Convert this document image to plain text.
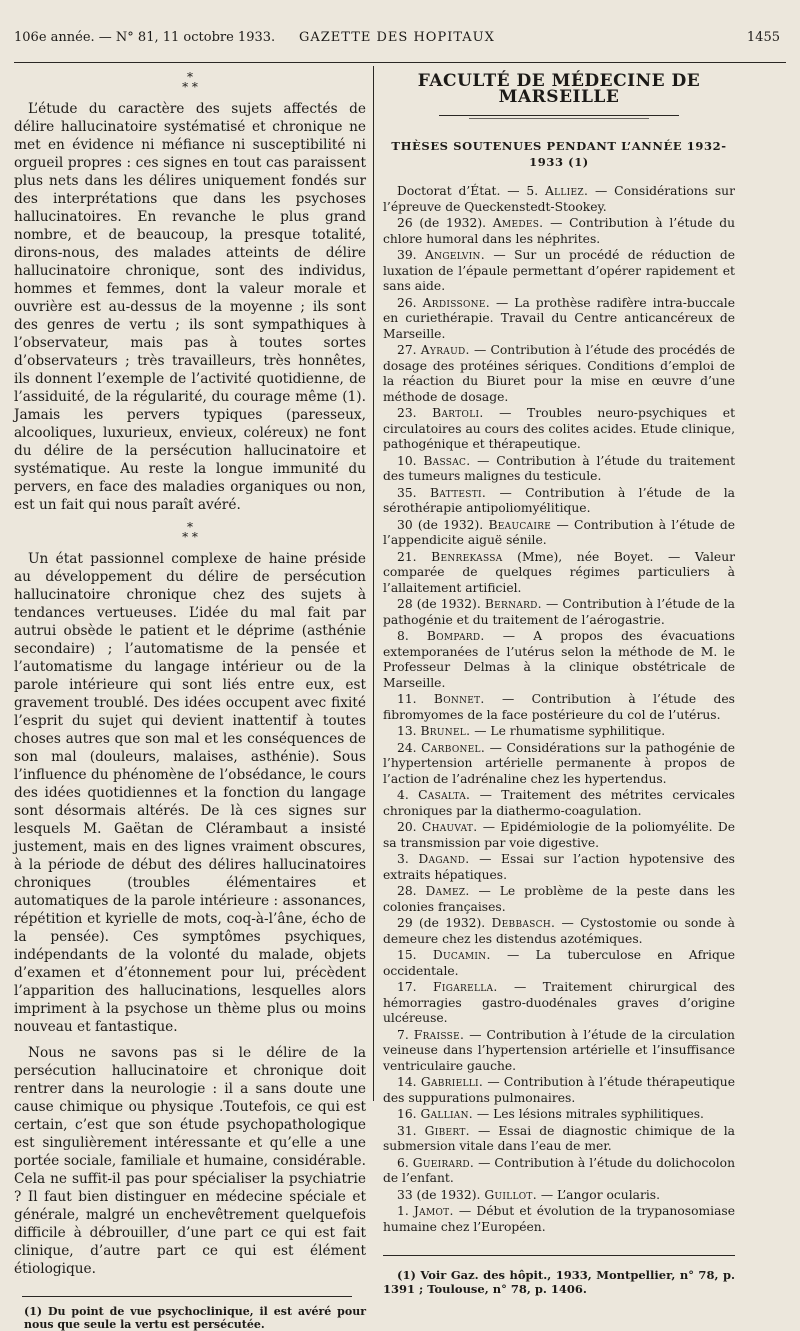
106e année. — N° 81, 11 octobre 1933. GAZETTE DES HOPITAUX	1455
*
* *

L’étude du caractère des sujets affectés de délire hallucinatoire systématisé et chronique ne met en évidence ni méfiance ni susceptibilité ni orgueil propres : ces signes en tout cas paraissent plus nets dans les délires uniquement fondés sur des interprétations que dans les psychoses hallucinatoires. En revanche le plus grand nombre, et de beaucoup, la presque totalité, dirons-nous, des malades atteints de délire hallucinatoire chronique, sont des individus, hommes et femmes, dont la valeur morale et ouvrière est au-dessus de la moyenne ; ils sont des genres de vertu ; ils sont sympathiques à l’observateur, mais pas à toutes sortes d’observateurs ; très travailleurs, très honnêtes, ils donnent l’exemple de l’activité quotidienne, de l’assiduité, de la régularité, du courage même (1). Jamais les pervers typiques (paresseux, alcooliques, luxurieux, envieux, coléreux) ne font du délire de la persécution hallucinatoire et systématique. Au reste la longue immunité du pervers, en face des maladies organiques ou non, est un fait qui nous paraît avéré.

*
* *

Un état passionnel complexe de haine préside au développement du délire de persécution hallucinatoire chronique chez des sujets à tendances vertueuses. L’idée du mal fait par autrui obsède le patient et le déprime (asthénie secondaire) ; l’automatisme de la pensée et l’automatisme du langage intérieur ou de la parole intérieure qui sont liés entre eux, est gravement troublé. Des idées occupent avec fixité l’esprit du sujet qui devient inattentif à toutes choses autres que son mal et les conséquences de son mal (douleurs, malaises, asthénie). Sous l’influence du phénomène de l’obsédance, le cours des idées quotidiennes et la fonction du langage sont désormais altérés. De là ces signes sur lesquels M. Gaëtan de Clérambaut a insisté justement, mais en des lignes vraiment obscures, à la période de début des délires hallucinatoires chroniques (troubles élémentaires et automatiques de la parole intérieure : assonances, répétition et kyrielle de mots, coq-à-l’âne, écho de la pensée). Ces symptômes psychiques, indépendants de la volonté du malade, objets d’examen et d’étonnement pour lui, précèdent l’apparition des hallucinations, lesquelles alors impriment à la psychose un thème plus ou moins nouveau et fantastique.

Nous ne savons pas si le délire de la persécution hallucinatoire et chronique doit rentrer dans la neurologie : il a sans doute une cause chimique ou physique .Toutefois, ce qui est certain, c’est que son étude psychopathologique est singulièrement intéressante et qu’elle a une portée sociale, familiale et humaine, considérable. Cela ne suffit-il pas pour spécialiser la psychiatrie ? Il faut bien distinguer en médecine spéciale et générale, malgré un enchevêtrement quelquefois difficile à débrouiller, d’une part ce qui est fait clinique, d’autre part ce qui est élément étiologique.

(1) Du point de vue psychoclinique, il est avéré pour nous que seule la vertu est persécutée.

FACULTÉ DE MÉDECINE DE MARSEILLE
THÈSES SOUTENUES PENDANT L’ANNÉE 1932-1933 (1)

Doctorat d’État. — 5. Alliez. — Considérations sur l’épreuve de Queckenstedt-Stookey.

26 (de 1932). Amedes. — Contribution à l’étude du chlore humoral dans les néphrites.

39. Angelvin. — Sur un procédé de réduction de luxation de l’épaule permettant d’opérer rapidement et sans aide.

26. Ardissone. — La prothèse radifère intra-buccale en curiethérapie. Travail du Centre anticancéreux de Marseille.

27. Ayraud. — Contribution à l’étude des procédés de dosage des protéines sériques. Conditions d’emploi de la réaction du Biuret pour la mise en œuvre d’une méthode de dosage.

23. Bartoli. — Troubles neuro-psychiques et circulatoires au cours des colites acides. Etude clinique, pathogénique et thérapeutique.

10. Bassac. — Contribution à l’étude du traitement des tumeurs malignes du testicule.

35. Battesti. — Contribution à l’étude de la sérothérapie antipoliomyélitique.

30 (de 1932). Beaucaire — Contribution à l’étude de l’appendicite aiguë sénile.

21. Benrekassa (Mme), née Boyet. — Valeur comparée de quelques régimes particuliers à l’allaitement artificiel.

28 (de 1932). Bernard. — Contribution à l’étude de la pathogénie et du traitement de l’aérogastrie.

8. Bompard. — A propos des évacuations extemporanées de l’utérus selon la méthode de M. le Professeur Delmas à la clinique obstétricale de Marseille.

11. Bonnet. — Contribution à l’étude des fibromyomes de la face postérieure du col de l’utérus.

13. Brunel. — Le rhumatisme syphilitique.

24. Carbonel. — Considérations sur la pathogénie de l’hypertension artérielle permanente à propos de l’action de l’adrénaline chez les hypertendus.

4. Casalta. — Traitement des métrites cervicales chroniques par la diathermo-coagulation.

20. Chauvat. — Epidémiologie de la poliomyélite. De sa transmission par voie digestive.

3. Dagand. — Essai sur l’action hypotensive des extraits hépatiques.

28. Damez. — Le problème de la peste dans les colonies françaises.

29 (de 1932). Debbasch. — Cystostomie ou sonde à demeure chez les distendus azotémiques.

15. Ducamin. — La tuberculose en Afrique occidentale.

17. Figarella. — Traitement chirurgical des hémorragies gastro-duodénales graves d’origine ulcéreuse.

7. Fraisse. — Contribution à l’étude de la circulation veineuse dans l’hypertension artérielle et l’insuffisance ventriculaire gauche.

14. Gabrielli. — Contribution à l’étude thérapeutique des suppurations pulmonaires.

16. Gallian. — Les lésions mitrales syphilitiques.

31. Gibert. — Essai de diagnostic chimique de la submersion vitale dans l’eau de mer.

6. Gueirard. — Contribution à l’étude du dolichocolon de l’enfant.

33 (de 1932). Guillot. — L’angor ocularis.

1. Jamot. — Début et évolution de la trypanosomiase humaine chez l’Européen.

(1) Voir Gaz. des hôpit., 1933, Montpellier, n° 78, p. 1391 ; Toulouse, n° 78, p. 1406.
